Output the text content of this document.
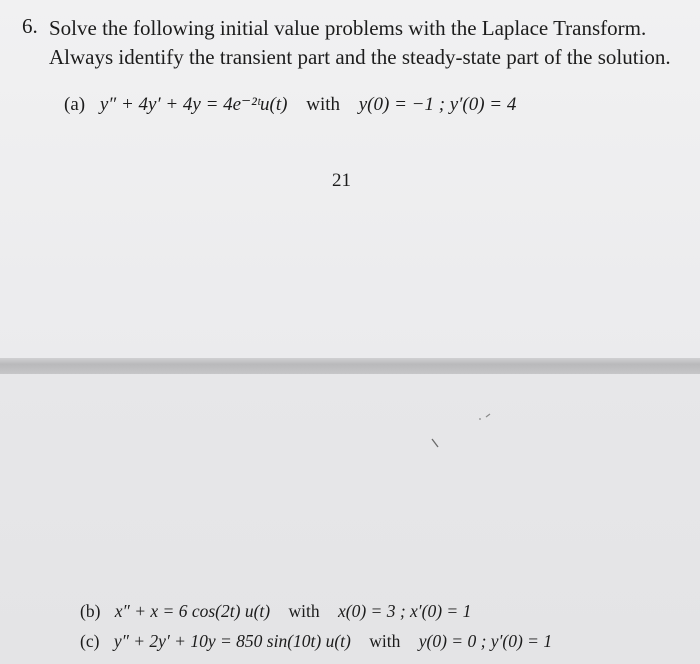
6. Solve the following initial value problems with the Laplace Transform. Always identify the transient part and the steady-state part of the solution.
(a) y″ + 4y′ + 4y = 4e⁻²ᵗu(t) with y(0) = −1 ; y′(0) = 4
21
(b) x″ + x = 6 cos(2t) u(t) with x(0) = 3 ; x′(0) = 1
(c) y″ + 2y′ + 10y = 850 sin(10t) u(t) with y(0) = 0 ; y′(0) = 1
